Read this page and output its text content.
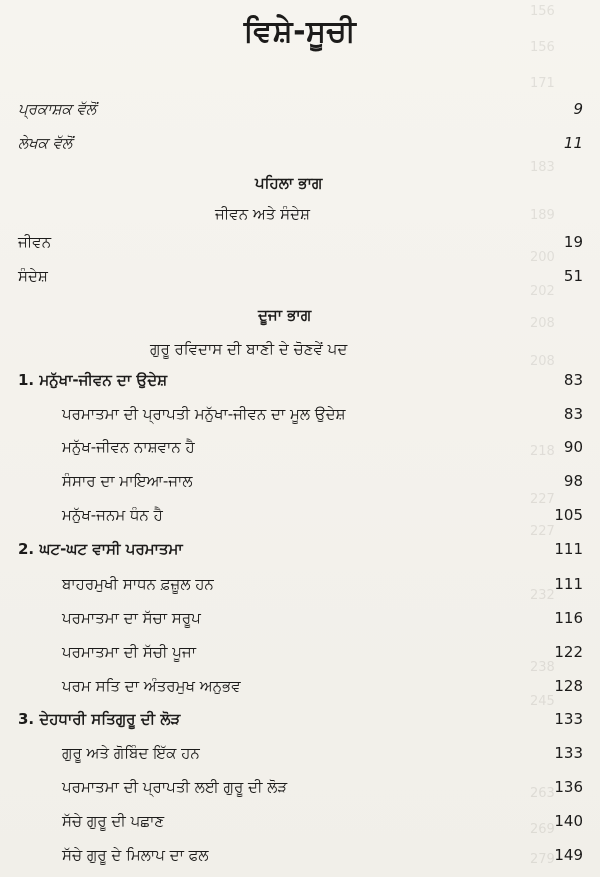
156
156
171
183
189
200
202
208
208
218
227
227
232
238
245
263
269
279
ਵਿਸ਼ੇ-ਸੂਚੀ
ਪ੍ਰਕਾਸ਼ਕ ਵੱਲੋਂ	9
ਲੇਖਕ ਵੱਲੋਂ	11
ਪਹਿਲਾ ਭਾਗ
ਜੀਵਨ ਅਤੇ ਸੰਦੇਸ਼
ਜੀਵਨ	19
ਸੰਦੇਸ਼	51
ਦੂਜਾ ਭਾਗ
ਗੁਰੂ ਰਵਿਦਾਸ ਦੀ ਬਾਣੀ ਦੇ ਚੋਣਵੇਂ ਪਦ
1. ਮਨੁੱਖਾ-ਜੀਵਨ ਦਾ ਉਦੇਸ਼	83
ਪਰਮਾਤਮਾ ਦੀ ਪ੍ਰਾਪਤੀ ਮਨੁੱਖਾ-ਜੀਵਨ ਦਾ ਮੂਲ ਉਦੇਸ਼	83
ਮਨੁੱਖ-ਜੀਵਨ ਨਾਸ਼ਵਾਨ ਹੈ	90
ਸੰਸਾਰ ਦਾ ਮਾਇਆ-ਜਾਲ	98
ਮਨੁੱਖ-ਜਨਮ ਧੰਨ ਹੈ	105
2. ਘਟ-ਘਟ ਵਾਸੀ ਪਰਮਾਤਮਾ	111
ਬਾਹਰਮੁਖੀ ਸਾਧਨ ਫ਼ਜ਼ੂਲ ਹਨ	111
ਪਰਮਾਤਮਾ ਦਾ ਸੱਚਾ ਸਰੂਪ	116
ਪਰਮਾਤਮਾ ਦੀ ਸੱਚੀ ਪੂਜਾ	122
ਪਰਮ ਸਤਿ ਦਾ ਅੰਤਰਮੁਖ ਅਨੁਭਵ	128
3. ਦੇਹਧਾਰੀ ਸਤਿਗੁਰੂ ਦੀ ਲੋੜ	133
ਗੁਰੂ ਅਤੇ ਗੋਬਿੰਦ ਇੱਕ ਹਨ	133
ਪਰਮਾਤਮਾ ਦੀ ਪ੍ਰਾਪਤੀ ਲਈ ਗੁਰੂ ਦੀ ਲੋੜ	136
ਸੱਚੇ ਗੁਰੂ ਦੀ ਪਛਾਣ	140
ਸੱਚੇ ਗੁਰੂ ਦੇ ਮਿਲਾਪ ਦਾ ਫਲ	149
